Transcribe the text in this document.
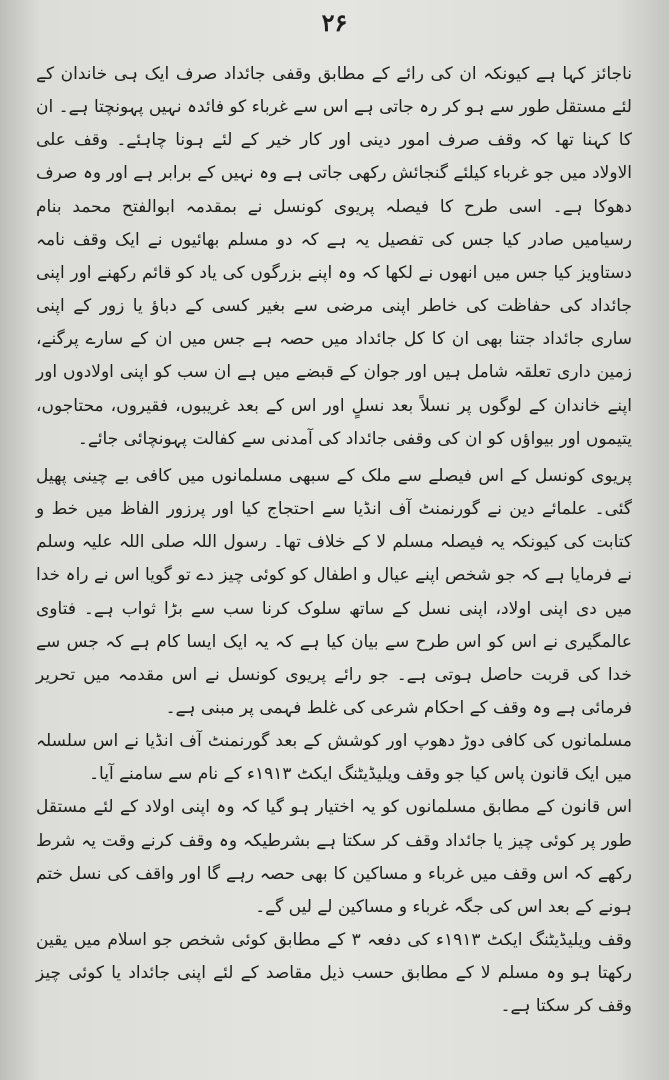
۲۶

ناجائز کہا ہے کیونکہ ان کی رائے کے مطابق وقفی جائداد صرف ایک ہی خاندان کے لئے مستقل طور سے ہو کر رہ جاتی ہے اس سے غرباء کو فائدہ نہیں پہونچتا ہے۔ ان کا کہنا تھا کہ وقف صرف امور دینی اور کار خیر کے لئے ہونا چاہئے۔ وقف علی الاولاد میں جو غرباء کیلئے گنجائش رکھی جاتی ہے وہ نہیں کے برابر ہے اور وہ صرف دھوکا ہے۔ اسی طرح کا فیصلہ پریوی کونسل نے بمقدمہ ابوالفتح محمد بنام رسیامیں صادر کیا جس کی تفصیل یہ ہے کہ دو مسلم بھائیوں نے ایک وقف نامہ دستاویز کیا جس میں انھوں نے لکھا کہ وہ اپنے بزرگوں کی یاد کو قائم رکھنے اور اپنی جائداد کی حفاظت کی خاطر اپنی مرضی سے بغیر کسی کے دباؤ یا زور کے اپنی ساری جائداد جتنا بھی ان کا کل جائداد میں حصہ ہے جس میں ان کے سارے پرگنے، زمین داری تعلقہ شامل ہیں اور جوان کے قبضے میں ہے ان سب کو اپنی اولادوں اور اپنے خاندان کے لوگوں پر نسلاً بعد نسلٍ اور اس کے بعد غریبوں، فقیروں، محتاجوں، یتیموں اور بیواؤں کو ان کی وقفی جائداد کی آمدنی سے کفالت پہونچائی جائے۔

پریوی کونسل کے اس فیصلے سے ملک کے سبھی مسلمانوں میں کافی بے چینی پھیل گئی۔ علمائے دین نے گورنمنٹ آف انڈیا سے احتجاج کیا اور پرزور الفاظ میں خط و کتابت کی کیونکہ یہ فیصلہ مسلم لا کے خلاف تھا۔ رسول اللہ صلی اللہ علیہ وسلم نے فرمایا ہے کہ جو شخص اپنے عیال و اطفال کو کوئی چیز دے تو گویا اس نے راہ خدا میں دی اپنی اولاد، اپنی نسل کے ساتھ سلوک کرنا سب سے بڑا ثواب ہے۔ فتاوی عالمگیری نے اس کو اس طرح سے بیان کیا ہے کہ یہ ایک ایسا کام ہے کہ جس سے خدا کی قربت حاصل ہوتی ہے۔ جو رائے پریوی کونسل نے اس مقدمہ میں تحریر فرمائی ہے وہ وقف کے احکام شرعی کی غلط فہمی پر مبنی ہے۔

مسلمانوں کی کافی دوڑ دھوپ اور کوشش کے بعد گورنمنٹ آف انڈیا نے اس سلسلہ میں ایک قانون پاس کیا جو وقف ویلیڈیٹنگ ایکٹ ۱۹۱۳ء کے نام سے سامنے آیا۔

اس قانون کے مطابق مسلمانوں کو یہ اختیار ہو گیا کہ وہ اپنی اولاد کے لئے مستقل طور پر کوئی چیز یا جائداد وقف کر سکتا ہے بشرطیکہ وہ وقف کرنے وقت یہ شرط رکھے کہ اس وقف میں غرباء و مساکین کا بھی حصہ رہے گا اور واقف کی نسل ختم ہونے کے بعد اس کی جگہ غرباء و مساکین لے لیں گے۔

وقف ویلیڈیٹنگ ایکٹ ۱۹۱۳ء کی دفعہ ۳ کے مطابق کوئی شخص جو اسلام میں یقین رکھتا ہو وہ مسلم لا کے مطابق حسب ذیل مقاصد کے لئے اپنی جائداد یا کوئی چیز وقف کر سکتا ہے۔
